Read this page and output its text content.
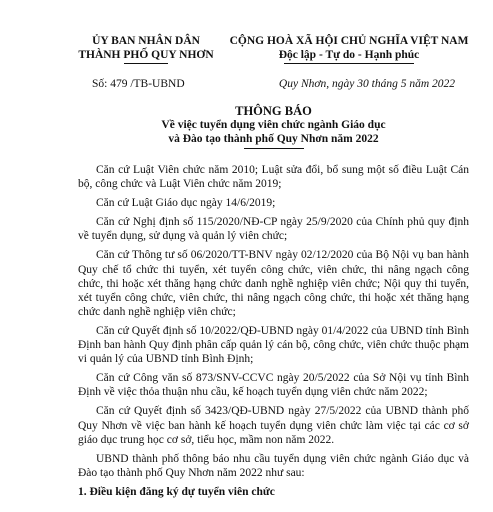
ỦY BAN NHÂN DÂN
THÀNH PHỐ QUY NHƠN
CỘNG HOÀ XÃ HỘI CHỦ NGHĨA VIỆT NAM
Độc lập - Tự do - Hạnh phúc
Số: 479 /TB-UBND	Quy Nhơn, ngày 30 tháng 5 năm 2022
THÔNG BÁO
Về việc tuyển dụng viên chức ngành Giáo dục
và Đào tạo thành phố Quy Nhơn năm 2022

Căn cứ Luật Viên chức năm 2010; Luật sửa đổi, bổ sung một số điều Luật Cán bộ, công chức và Luật Viên chức năm 2019;

Căn cứ Luật Giáo dục ngày 14/6/2019;

Căn cứ Nghị định số 115/2020/NĐ-CP ngày 25/9/2020 của Chính phủ quy định về tuyển dụng, sử dụng và quản lý viên chức;

Căn cứ Thông tư số 06/2020/TT-BNV ngày 02/12/2020 của Bộ Nội vụ ban hành Quy chế tổ chức thi tuyển, xét tuyển công chức, viên chức, thi nâng ngạch công chức, thi hoặc xét thăng hạng chức danh nghề nghiệp viên chức; Nội quy thi tuyển, xét tuyển công chức, viên chức, thi nâng ngạch công chức, thi hoặc xét thăng hạng chức danh nghề nghiệp viên chức;

Căn cứ Quyết định số 10/2022/QĐ-UBND ngày 01/4/2022 của UBND tỉnh Bình Định ban hành Quy định phân cấp quản lý cán bộ, công chức, viên chức thuộc phạm vi quản lý của UBND tỉnh Bình Định;

Căn cứ Công văn số 873/SNV-CCVC ngày 20/5/2022 của Sở Nội vụ tỉnh Bình Định về việc thỏa thuận nhu cầu, kế hoạch tuyển dụng viên chức năm 2022;

Căn cứ Quyết định số 3423/QĐ-UBND ngày 27/5/2022 của UBND thành phố Quy Nhơn về việc ban hành kế hoạch tuyển dụng viên chức làm việc tại các cơ sở giáo dục trung học cơ sở, tiểu học, mầm non năm 2022.

UBND thành phố thông báo nhu cầu tuyển dụng viên chức ngành Giáo dục và Đào tạo thành phố Quy Nhơn năm 2022 như sau:

1. Điều kiện đăng ký dự tuyển viên chức
